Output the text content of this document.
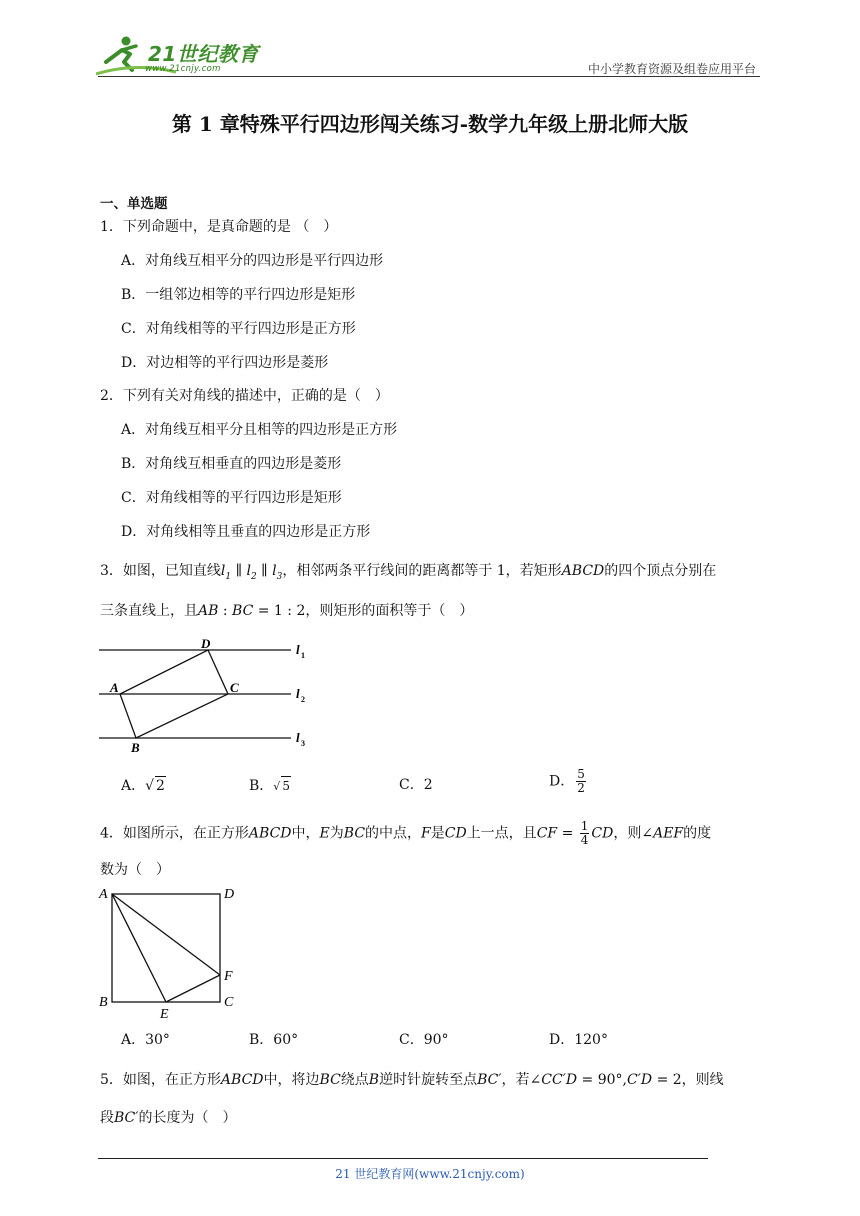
21世纪教育
www.21cnjy.com	中小学教育资源及组卷应用平台
第 1 章特殊平行四边形闯关练习-数学九年级上册北师大版
一、单选题
1．下列命题中，是真命题的是 （　）
A．对角线互相平分的四边形是平行四边形
B．一组邻边相等的平行四边形是矩形
C．对角线相等的平行四边形是正方形
D．对边相等的平行四边形是菱形
2．下列有关对角线的描述中，正确的是（　）
A．对角线互相平分且相等的四边形是正方形
B．对角线互相垂直的四边形是菱形
C．对角线相等的平行四边形是矩形
D．对角线相等且垂直的四边形是正方形
3．如图，已知直线$l_1$ ∥ $l_2$ ∥ $l_3$，相邻两条平行线间的距离都等于 1，若矩形ABCD的四个顶点分别在
三条直线上，且AB : BC = 1 : 2，则矩形的面积等于（　）
D
A	C
B
l 1
l 2
l 3
A．√ 2	B．√ 5	C．2	D． $\frac{5}{2}$
4．如图所示，在正方形ABCD中，E为BC的中点，F是CD上一点，且CF = $\frac{1}{4}$ CD，则∠AEF的度
数为（　）
A	D
F
B
E
C
A．30°	B．60°	C．90°	D．120°
5．如图，在正方形ABCD中，将边BC绕点B逆时针旋转至点BC′，若∠CC′D = 90°,C′D = 2，则线
段BC′的长度为（　）
21 世纪教育网(www.21cnjy.com)
